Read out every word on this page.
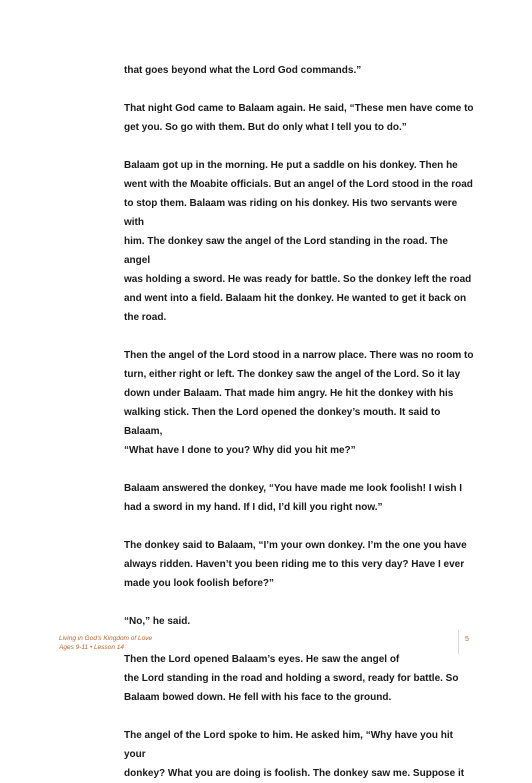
that goes beyond what the Lord God commands.”
That night God came to Balaam again. He said, “These men have come to
get you. So go with them. But do only what I tell you to do.”
Balaam got up in the morning. He put a saddle on his donkey. Then he
went with the Moabite officials. But an angel of the Lord stood in the road
to stop them. Balaam was riding on his donkey. His two servants were with
him. The donkey saw the angel of the Lord standing in the road. The angel
was holding a sword. He was ready for battle. So the donkey left the road
and went into a field. Balaam hit the donkey. He wanted to get it back on
the road.
Then the angel of the Lord stood in a narrow place. There was no room to
turn, either right or left. The donkey saw the angel of the Lord. So it lay
down under Balaam. That made him angry. He hit the donkey with his
walking stick. Then the Lord opened the donkey’s mouth. It said to Balaam,
“What have I done to you? Why did you hit me?”
Balaam answered the donkey, “You have made me look foolish! I wish I
had a sword in my hand. If I did, I’d kill you right now.”
The donkey said to Balaam, “I’m your own donkey. I’m the one you have
always ridden. Haven’t you been riding me to this very day? Have I ever
made you look foolish before?”
“No,” he said.
Then the Lord opened Balaam’s eyes. He saw the angel of
the Lord standing in the road and holding a sword, ready for battle. So
Balaam bowed down. He fell with his face to the ground.
The angel of the Lord spoke to him. He asked him, “Why have you hit your
donkey? What you are doing is foolish. The donkey saw me. Suppose it
Living in God’s Kingdom of Love
Ages 9-11 • Lesson 14
5
